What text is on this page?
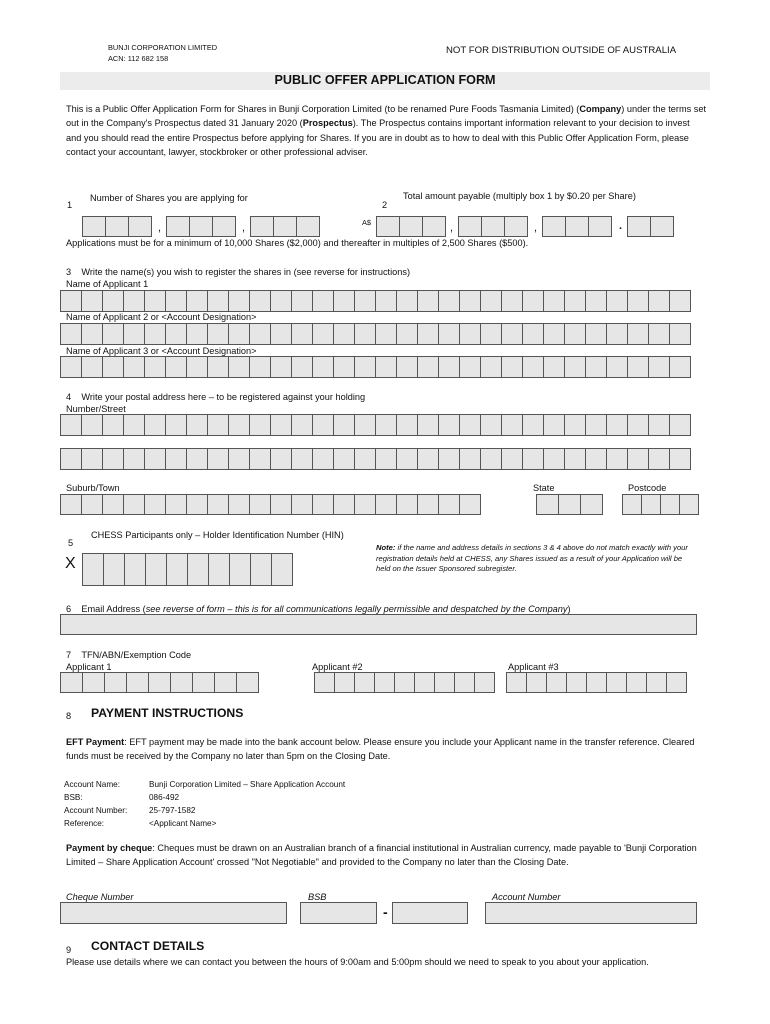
BUNJI CORPORATION LIMITED
ACN: 112 682 158
NOT FOR DISTRIBUTION OUTSIDE OF AUSTRALIA
PUBLIC OFFER APPLICATION FORM
This is a Public Offer Application Form for Shares in Bunji Corporation Limited (to be renamed Pure Foods Tasmania Limited) (Company) under the terms set out in the Company's Prospectus dated 31 January 2020 (Prospectus). The Prospectus contains important information relevant to your decision to invest and you should read the entire Prospectus before applying for Shares. If you are in doubt as to how to deal with this Public Offer Application Form, please contact your accountant, lawyer, stockbroker or other professional adviser.
1
Number of Shares you are applying for
2
Total amount payable (multiply box 1 by $0.20 per Share)
,	,	A$	,	,	.
Applications must be for a minimum of 10,000 Shares ($2,000) and thereafter in multiples of 2,500 Shares ($500).
3 Write the name(s) you wish to register the shares in (see reverse for instructions)
Name of Applicant 1
Name of Applicant 2 or <Account Designation>
Name of Applicant 3 or <Account Designation>
4 Write your postal address here – to be registered against your holding
Number/Street
Suburb/Town	State	Postcode
5
CHESS Participants only – Holder Identification Number (HIN)
X
Note: if the name and address details in sections 3 & 4 above do not match exactly with your registration details held at CHESS, any Shares issued as a result of your Application will be held on the Issuer Sponsored subregister.
6 Email Address (see reverse of form – this is for all communications legally permissible and despatched by the Company)
7 TFN/ABN/Exemption Code
Applicant 1	Applicant #2	Applicant #3
8 PAYMENT INSTRUCTIONS
EFT Payment: EFT payment may be made into the bank account below. Please ensure you include your Applicant name in the transfer reference. Cleared funds must be received by the Company no later than 5pm on the Closing Date.
Account Name:	Bunji Corporation Limited – Share Application Account
BSB:	086-492
Account Number:	25-797-1582
Reference:	<Applicant Name>
Payment by cheque: Cheques must be drawn on an Australian branch of a financial institutional in Australian currency, made payable to 'Bunji Corporation Limited – Share Application Account' crossed "Not Negotiable" and provided to the Company no later than the Closing Date.
Cheque Number	BSB	Account Number
-
9 CONTACT DETAILS
Please use details where we can contact you between the hours of 9:00am and 5:00pm should we need to speak to you about your application.
